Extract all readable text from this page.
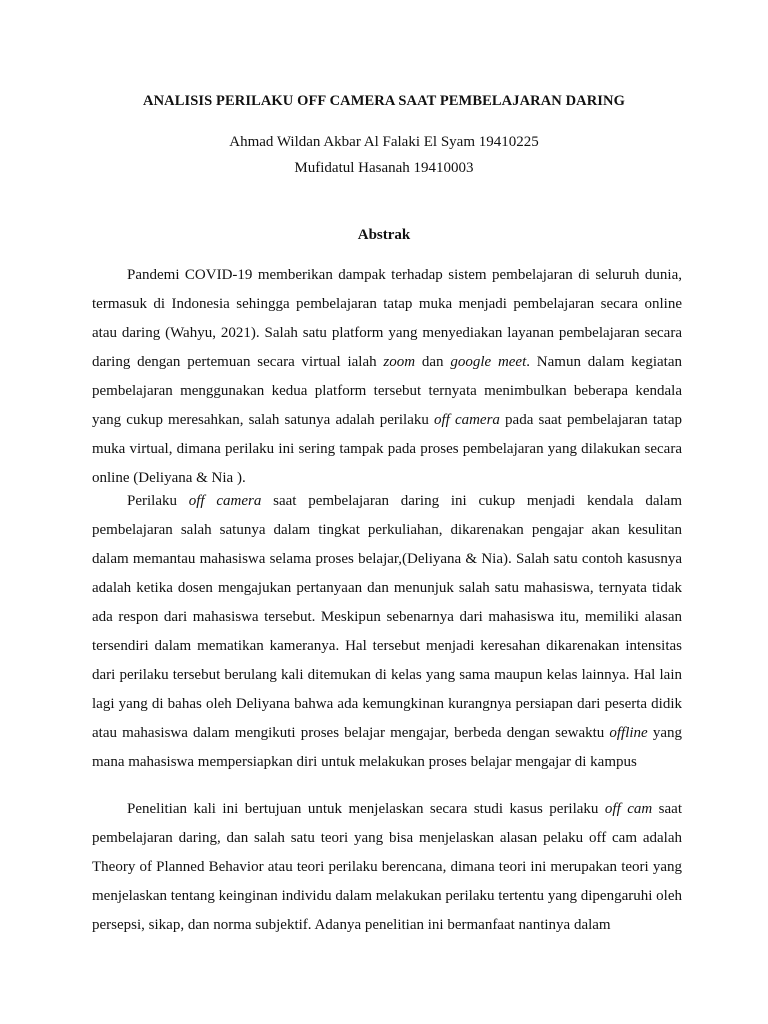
ANALISIS PERILAKU OFF CAMERA SAAT PEMBELAJARAN DARING
Ahmad Wildan Akbar Al Falaki El Syam 19410225
Mufidatul Hasanah 19410003
Abstrak

Pandemi COVID-19 memberikan dampak terhadap sistem pembelajaran di seluruh dunia, termasuk di Indonesia sehingga pembelajaran tatap muka menjadi pembelajaran secara online atau daring (Wahyu, 2021). Salah satu platform yang menyediakan layanan pembelajaran secara daring dengan pertemuan secara virtual ialah zoom dan google meet. Namun dalam kegiatan pembelajaran menggunakan kedua platform tersebut ternyata menimbulkan beberapa kendala yang cukup meresahkan, salah satunya adalah perilaku off camera pada saat pembelajaran tatap muka virtual, dimana perilaku ini sering tampak pada proses pembelajaran yang dilakukan secara online (Deliyana & Nia ).

Perilaku off camera saat pembelajaran daring ini cukup menjadi kendala dalam pembelajaran salah satunya dalam tingkat perkuliahan, dikarenakan pengajar akan kesulitan dalam memantau mahasiswa selama proses belajar,(Deliyana & Nia). Salah satu contoh kasusnya adalah ketika dosen mengajukan pertanyaan dan menunjuk salah satu mahasiswa, ternyata tidak ada respon dari mahasiswa tersebut. Meskipun sebenarnya dari mahasiswa itu, memiliki alasan tersendiri dalam mematikan kameranya. Hal tersebut menjadi keresahan dikarenakan intensitas dari perilaku tersebut berulang kali ditemukan di kelas yang sama maupun kelas lainnya. Hal lain lagi yang di bahas oleh Deliyana bahwa ada kemungkinan kurangnya persiapan dari peserta didik atau mahasiswa dalam mengikuti proses belajar mengajar, berbeda dengan sewaktu offline yang mana mahasiswa mempersiapkan diri untuk melakukan proses belajar mengajar di kampus

Penelitian kali ini bertujuan untuk menjelaskan secara studi kasus perilaku off cam saat pembelajaran daring, dan salah satu teori yang bisa menjelaskan alasan pelaku off cam adalah Theory of Planned Behavior atau teori perilaku berencana, dimana teori ini merupakan teori yang menjelaskan tentang keinginan individu dalam melakukan perilaku tertentu yang dipengaruhi oleh persepsi, sikap, dan norma subjektif. Adanya penelitian ini bermanfaat nantinya dalam
